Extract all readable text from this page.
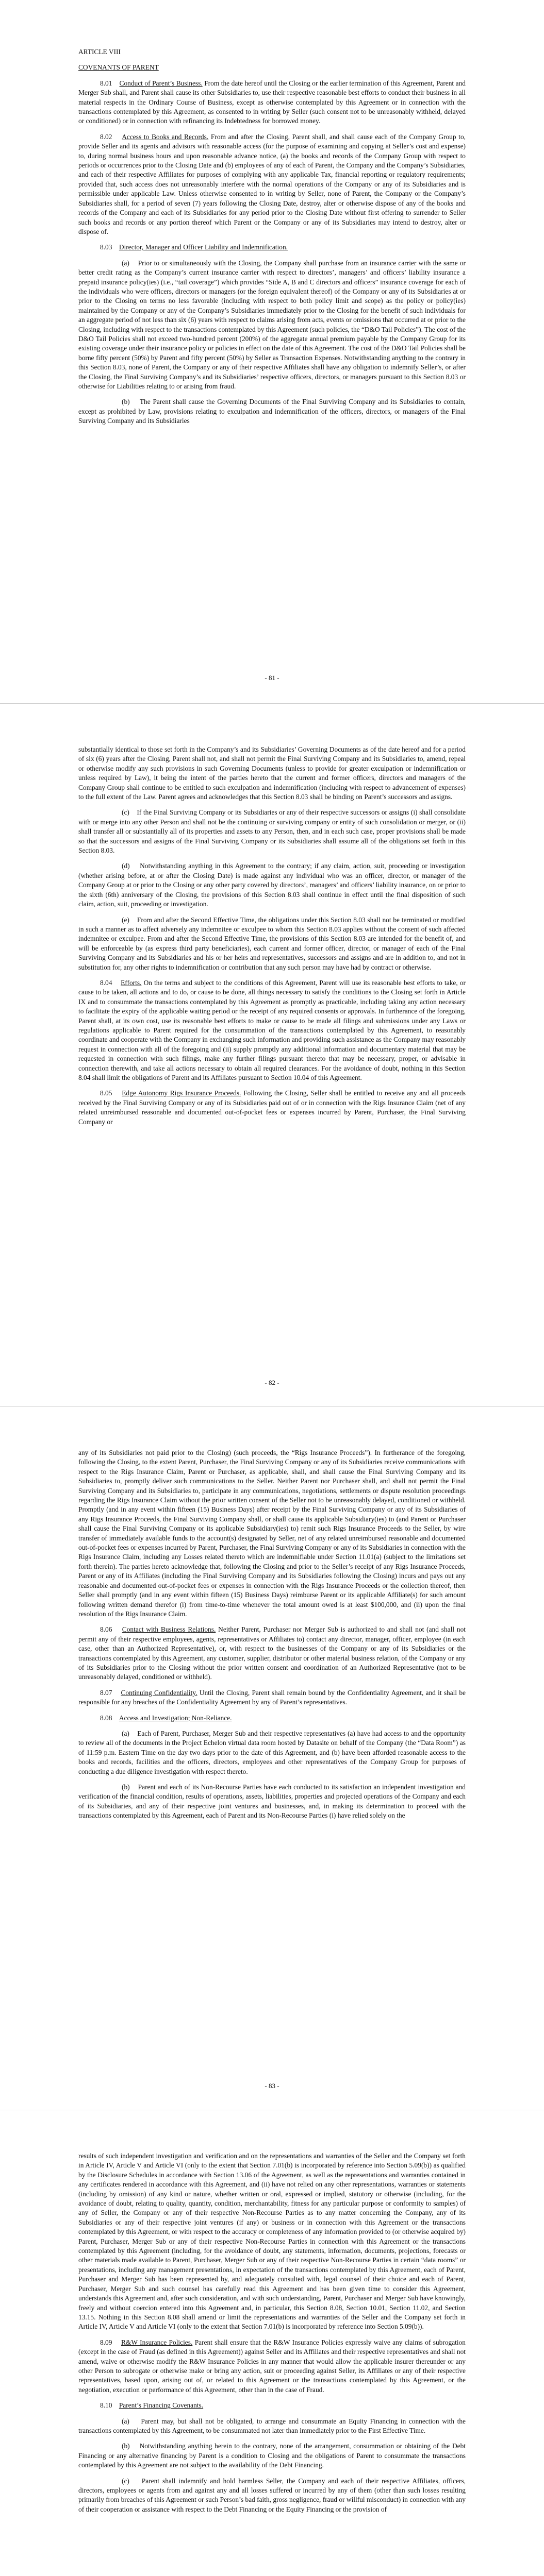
ARTICLE VIII

COVENANTS OF PARENT

8.01 Conduct of Parent’s Business. From the date hereof until the Closing or the earlier termination of this Agreement, Parent and Merger Sub shall, and Parent shall cause its other Subsidiaries to, use their respective reasonable best efforts to conduct their business in all material respects in the Ordinary Course of Business, except as otherwise contemplated by this Agreement or in connection with the transactions contemplated by this Agreement, as consented to in writing by Seller (such consent not to be unreasonably withheld, delayed or conditioned) or in connection with refinancing its Indebtedness for borrowed money.

8.02 Access to Books and Records. From and after the Closing, Parent shall, and shall cause each of the Company Group to, provide Seller and its agents and advisors with reasonable access (for the purpose of examining and copying at Seller’s cost and expense) to, during normal business hours and upon reasonable advance notice, (a) the books and records of the Company Group with respect to periods or occurrences prior to the Closing Date and (b) employees of any of each of Parent, the Company and the Company’s Subsidiaries, and each of their respective Affiliates for purposes of complying with any applicable Tax, financial reporting or regulatory requirements; provided that, such access does not unreasonably interfere with the normal operations of the Company or any of its Subsidiaries and is permissible under applicable Law. Unless otherwise consented to in writing by Seller, none of Parent, the Company or the Company’s Subsidiaries shall, for a period of seven (7) years following the Closing Date, destroy, alter or otherwise dispose of any of the books and records of the Company and each of its Subsidiaries for any period prior to the Closing Date without first offering to surrender to Seller such books and records or any portion thereof which Parent or the Company or any of its Subsidiaries may intend to destroy, alter or dispose of.

8.03 Director, Manager and Officer Liability and Indemnification.

(a) Prior to or simultaneously with the Closing, the Company shall purchase from an insurance carrier with the same or better credit rating as the Company’s current insurance carrier with respect to directors’, managers’ and officers’ liability insurance a prepaid insurance policy(ies) (i.e., “tail coverage”) which provides “Side A, B and C directors and officers” insurance coverage for each of the individuals who were officers, directors or managers (or the foreign equivalent thereof) of the Company or any of its Subsidiaries at or prior to the Closing on terms no less favorable (including with respect to both policy limit and scope) as the policy or policy(ies) maintained by the Company or any of the Company’s Subsidiaries immediately prior to the Closing for the benefit of such individuals for an aggregate period of not less than six (6) years with respect to claims arising from acts, events or omissions that occurred at or prior to the Closing, including with respect to the transactions contemplated by this Agreement (such policies, the “D&O Tail Policies”). The cost of the D&O Tail Policies shall not exceed two-hundred percent (200%) of the aggregate annual premium payable by the Company Group for its existing coverage under their insurance policy or policies in effect on the date of this Agreement. The cost of the D&O Tail Policies shall be borne fifty percent (50%) by Parent and fifty percent (50%) by Seller as Transaction Expenses. Notwithstanding anything to the contrary in this Section 8.03, none of Parent, the Company or any of their respective Affiliates shall have any obligation to indemnify Seller’s, or after the Closing, the Final Surviving Company’s and its Subsidiaries’ respective officers, directors, or managers pursuant to this Section 8.03 or otherwise for Liabilities relating to or arising from fraud.

(b) The Parent shall cause the Governing Documents of the Final Surviving Company and its Subsidiaries to contain, except as prohibited by Law, provisions relating to exculpation and indemnification of the officers, directors, or managers of the Final Surviving Company and its Subsidiaries

- 81 -

substantially identical to those set forth in the Company’s and its Subsidiaries’ Governing Documents as of the date hereof and for a period of six (6) years after the Closing, Parent shall not, and shall not permit the Final Surviving Company and its Subsidiaries to, amend, repeal or otherwise modify any such provisions in such Governing Documents (unless to provide for greater exculpation or indemnification or unless required by Law), it being the intent of the parties hereto that the current and former officers, directors and managers of the Company Group shall continue to be entitled to such exculpation and indemnification (including with respect to advancement of expenses) to the full extent of the Law. Parent agrees and acknowledges that this Section 8.03 shall be binding on Parent’s successors and assigns.

(c) If the Final Surviving Company or its Subsidiaries or any of their respective successors or assigns (i) shall consolidate with or merge into any other Person and shall not be the continuing or surviving company or entity of such consolidation or merger, or (ii) shall transfer all or substantially all of its properties and assets to any Person, then, and in each such case, proper provisions shall be made so that the successors and assigns of the Final Surviving Company or its Subsidiaries shall assume all of the obligations set forth in this Section 8.03.

(d) Notwithstanding anything in this Agreement to the contrary; if any claim, action, suit, proceeding or investigation (whether arising before, at or after the Closing Date) is made against any individual who was an officer, director, or manager of the Company Group at or prior to the Closing or any other party covered by directors’, managers’ and officers’ liability insurance, on or prior to the sixth (6th) anniversary of the Closing, the provisions of this Section 8.03 shall continue in effect until the final disposition of such claim, action, suit, proceeding or investigation.

(e) From and after the Second Effective Time, the obligations under this Section 8.03 shall not be terminated or modified in such a manner as to affect adversely any indemnitee or exculpee to whom this Section 8.03 applies without the consent of such affected indemnitee or exculpee. From and after the Second Effective Time, the provisions of this Section 8.03 are intended for the benefit of, and will be enforceable by (as express third party beneficiaries), each current and former officer, director, or manager of each of the Final Surviving Company and its Subsidiaries and his or her heirs and representatives, successors and assigns and are in addition to, and not in substitution for, any other rights to indemnification or contribution that any such person may have had by contract or otherwise.

8.04 Efforts. On the terms and subject to the conditions of this Agreement, Parent will use its reasonable best efforts to take, or cause to be taken, all actions and to do, or cause to be done, all things necessary to satisfy the conditions to the Closing set forth in Article IX and to consummate the transactions contemplated by this Agreement as promptly as practicable, including taking any action necessary to facilitate the expiry of the applicable waiting period or the receipt of any required consents or approvals. In furtherance of the foregoing, Parent shall, at its own cost, use its reasonable best efforts to make or cause to be made all filings and submissions under any Laws or regulations applicable to Parent required for the consummation of the transactions contemplated by this Agreement, to reasonably coordinate and cooperate with the Company in exchanging such information and providing such assistance as the Company may reasonably request in connection with all of the foregoing and (ii) supply promptly any additional information and documentary material that may be requested in connection with such filings, make any further filings pursuant thereto that may be necessary, proper, or advisable in connection therewith, and take all actions necessary to obtain all required clearances. For the avoidance of doubt, nothing in this Section 8.04 shall limit the obligations of Parent and its Affiliates pursuant to Section 10.04 of this Agreement.

8.05 Edge Autonomy Rigs Insurance Proceeds. Following the Closing, Seller shall be entitled to receive any and all proceeds received by the Final Surviving Company or any of its Subsidiaries paid out of or in connection with the Rigs Insurance Claim (net of any related unreimbursed reasonable and documented out-of-pocket fees or expenses incurred by Parent, Purchaser, the Final Surviving Company or

- 82 -

any of its Subsidiaries not paid prior to the Closing) (such proceeds, the “Rigs Insurance Proceeds”). In furtherance of the foregoing, following the Closing, to the extent Parent, Purchaser, the Final Surviving Company or any of its Subsidiaries receive communications with respect to the Rigs Insurance Claim, Parent or Purchaser, as applicable, shall, and shall cause the Final Surviving Company and its Subsidiaries to, promptly deliver such communications to the Seller. Neither Parent nor Purchaser shall, and shall not permit the Final Surviving Company and its Subsidiaries to, participate in any communications, negotiations, settlements or dispute resolution proceedings regarding the Rigs Insurance Claim without the prior written consent of the Seller not to be unreasonably delayed, conditioned or withheld. Promptly (and in any event within fifteen (15) Business Days) after receipt by the Final Surviving Company or any of its Subsidiaries of any Rigs Insurance Proceeds, the Final Surviving Company shall, or shall cause its applicable Subsidiary(ies) to (and Parent or Purchaser shall cause the Final Surviving Company or its applicable Subsidiary(ies) to) remit such Rigs Insurance Proceeds to the Seller, by wire transfer of immediately available funds to the account(s) designated by Seller, net of any related unreimbursed reasonable and documented out-of-pocket fees or expenses incurred by Parent, Purchaser, the Final Surviving Company or any of its Subsidiaries in connection with the Rigs Insurance Claim, including any Losses related thereto which are indemnifiable under Section 11.01(a) (subject to the limitations set forth therein). The parties hereto acknowledge that, following the Closing and prior to the Seller’s receipt of any Rigs Insurance Proceeds, Parent or any of its Affiliates (including the Final Surviving Company and its Subsidiaries following the Closing) incurs and pays out any reasonable and documented out-of-pocket fees or expenses in connection with the Rigs Insurance Proceeds or the collection thereof, then Seller shall promptly (and in any event within fifteen (15) Business Days) reimburse Parent or its applicable Affiliate(s) for such amount following written demand therefor (i) from time-to-time whenever the total amount owed is at least $100,000, and (ii) upon the final resolution of the Rigs Insurance Claim.

8.06 Contact with Business Relations. Neither Parent, Purchaser nor Merger Sub is authorized to and shall not (and shall not permit any of their respective employees, agents, representatives or Affiliates to) contact any director, manager, officer, employee (in each case, other than an Authorized Representative), or, with respect to the businesses of the Company or any of its Subsidiaries or the transactions contemplated by this Agreement, any customer, supplier, distributor or other material business relation, of the Company or any of its Subsidiaries prior to the Closing without the prior written consent and coordination of an Authorized Representative (not to be unreasonably delayed, conditioned or withheld).

8.07 Continuing Confidentiality. Until the Closing, Parent shall remain bound by the Confidentiality Agreement, and it shall be responsible for any breaches of the Confidentiality Agreement by any of Parent’s representatives.

8.08 Access and Investigation; Non-Reliance.

(a) Each of Parent, Purchaser, Merger Sub and their respective representatives (a) have had access to and the opportunity to review all of the documents in the Project Echelon virtual data room hosted by Datasite on behalf of the Company (the “Data Room”) as of 11:59 p.m. Eastern Time on the day two days prior to the date of this Agreement, and (b) have been afforded reasonable access to the books and records, facilities and the officers, directors, employees and other representatives of the Company Group for purposes of conducting a due diligence investigation with respect thereto.

(b) Parent and each of its Non-Recourse Parties have each conducted to its satisfaction an independent investigation and verification of the financial condition, results of operations, assets, liabilities, properties and projected operations of the Company and each of its Subsidiaries, and any of their respective joint ventures and businesses, and, in making its determination to proceed with the transactions contemplated by this Agreement, each of Parent and its Non-Recourse Parties (i) have relied solely on the

- 83 -

results of such independent investigation and verification and on the representations and warranties of the Seller and the Company set forth in Article IV, Article V and Article VI (only to the extent that Section 7.01(b) is incorporated by reference into Section 5.09(b)) as qualified by the Disclosure Schedules in accordance with Section 13.06 of the Agreement, as well as the representations and warranties contained in any certificates rendered in accordance with this Agreement, and (ii) have not relied on any other representations, warranties or statements (including by omission) of any kind or nature, whether written or oral, expressed or implied, statutory or otherwise (including, for the avoidance of doubt, relating to quality, quantity, condition, merchantability, fitness for any particular purpose or conformity to samples) of any of Seller, the Company or any of their respective Non-Recourse Parties as to any matter concerning the Company, any of its Subsidiaries or any of their respective joint ventures (if any) or business or in connection with this Agreement or the transactions contemplated by this Agreement, or with respect to the accuracy or completeness of any information provided to (or otherwise acquired by) Parent, Purchaser, Merger Sub or any of their respective Non-Recourse Parties in connection with this Agreement or the transactions contemplated by this Agreement (including, for the avoidance of doubt, any statements, information, documents, projections, forecasts or other materials made available to Parent, Purchaser, Merger Sub or any of their respective Non-Recourse Parties in certain “data rooms” or presentations, including any management presentations, in expectation of the transactions contemplated by this Agreement, each of Parent, Purchaser and Merger Sub has been represented by, and adequately consulted with, legal counsel of their choice and each of Parent, Purchaser, Merger Sub and such counsel has carefully read this Agreement and has been given time to consider this Agreement, understands this Agreement and, after such consideration, and with such understanding, Parent, Purchaser and Merger Sub have knowingly, freely and without coercion entered into this Agreement and, in particular, this Section 8.08, Section 10.01, Section 11.02, and Section 13.15. Nothing in this Section 8.08 shall amend or limit the representations and warranties of the Seller and the Company set forth in Article IV, Article V and Article VI (only to the extent that Section 7.01(b) is incorporated by reference into Section 5.09(b)).

8.09 R&W Insurance Policies. Parent shall ensure that the R&W Insurance Policies expressly waive any claims of subrogation (except in the case of Fraud (as defined in this Agreement)) against Seller and its Affiliates and their respective representatives and shall not amend, waive or otherwise modify the R&W Insurance Policies in any manner that would allow the applicable insurer thereunder or any other Person to subrogate or otherwise make or bring any action, suit or proceeding against Seller, its Affiliates or any of their respective representatives, based upon, arising out of, or related to this Agreement or the transactions contemplated by this Agreement, or the negotiation, execution or performance of this Agreement, other than in the case of Fraud.

8.10 Parent’s Financing Covenants.

(a) Parent may, but shall not be obligated, to arrange and consummate an Equity Financing in connection with the transactions contemplated by this Agreement, to be consummated not later than immediately prior to the First Effective Time.

(b) Notwithstanding anything herein to the contrary, none of the arrangement, consummation or obtaining of the Debt Financing or any alternative financing by Parent is a condition to Closing and the obligations of Parent to consummate the transactions contemplated by this Agreement are not subject to the availability of the Debt Financing.

(c) Parent shall indemnify and hold harmless Seller, the Company and each of their respective Affiliates, officers, directors, employees or agents from and against any and all losses suffered or incurred by any of them (other than such losses resulting primarily from breaches of this Agreement or such Person’s bad faith, gross negligence, fraud or willful misconduct) in connection with any of their cooperation or assistance with respect to the Debt Financing or the Equity Financing or the provision of
